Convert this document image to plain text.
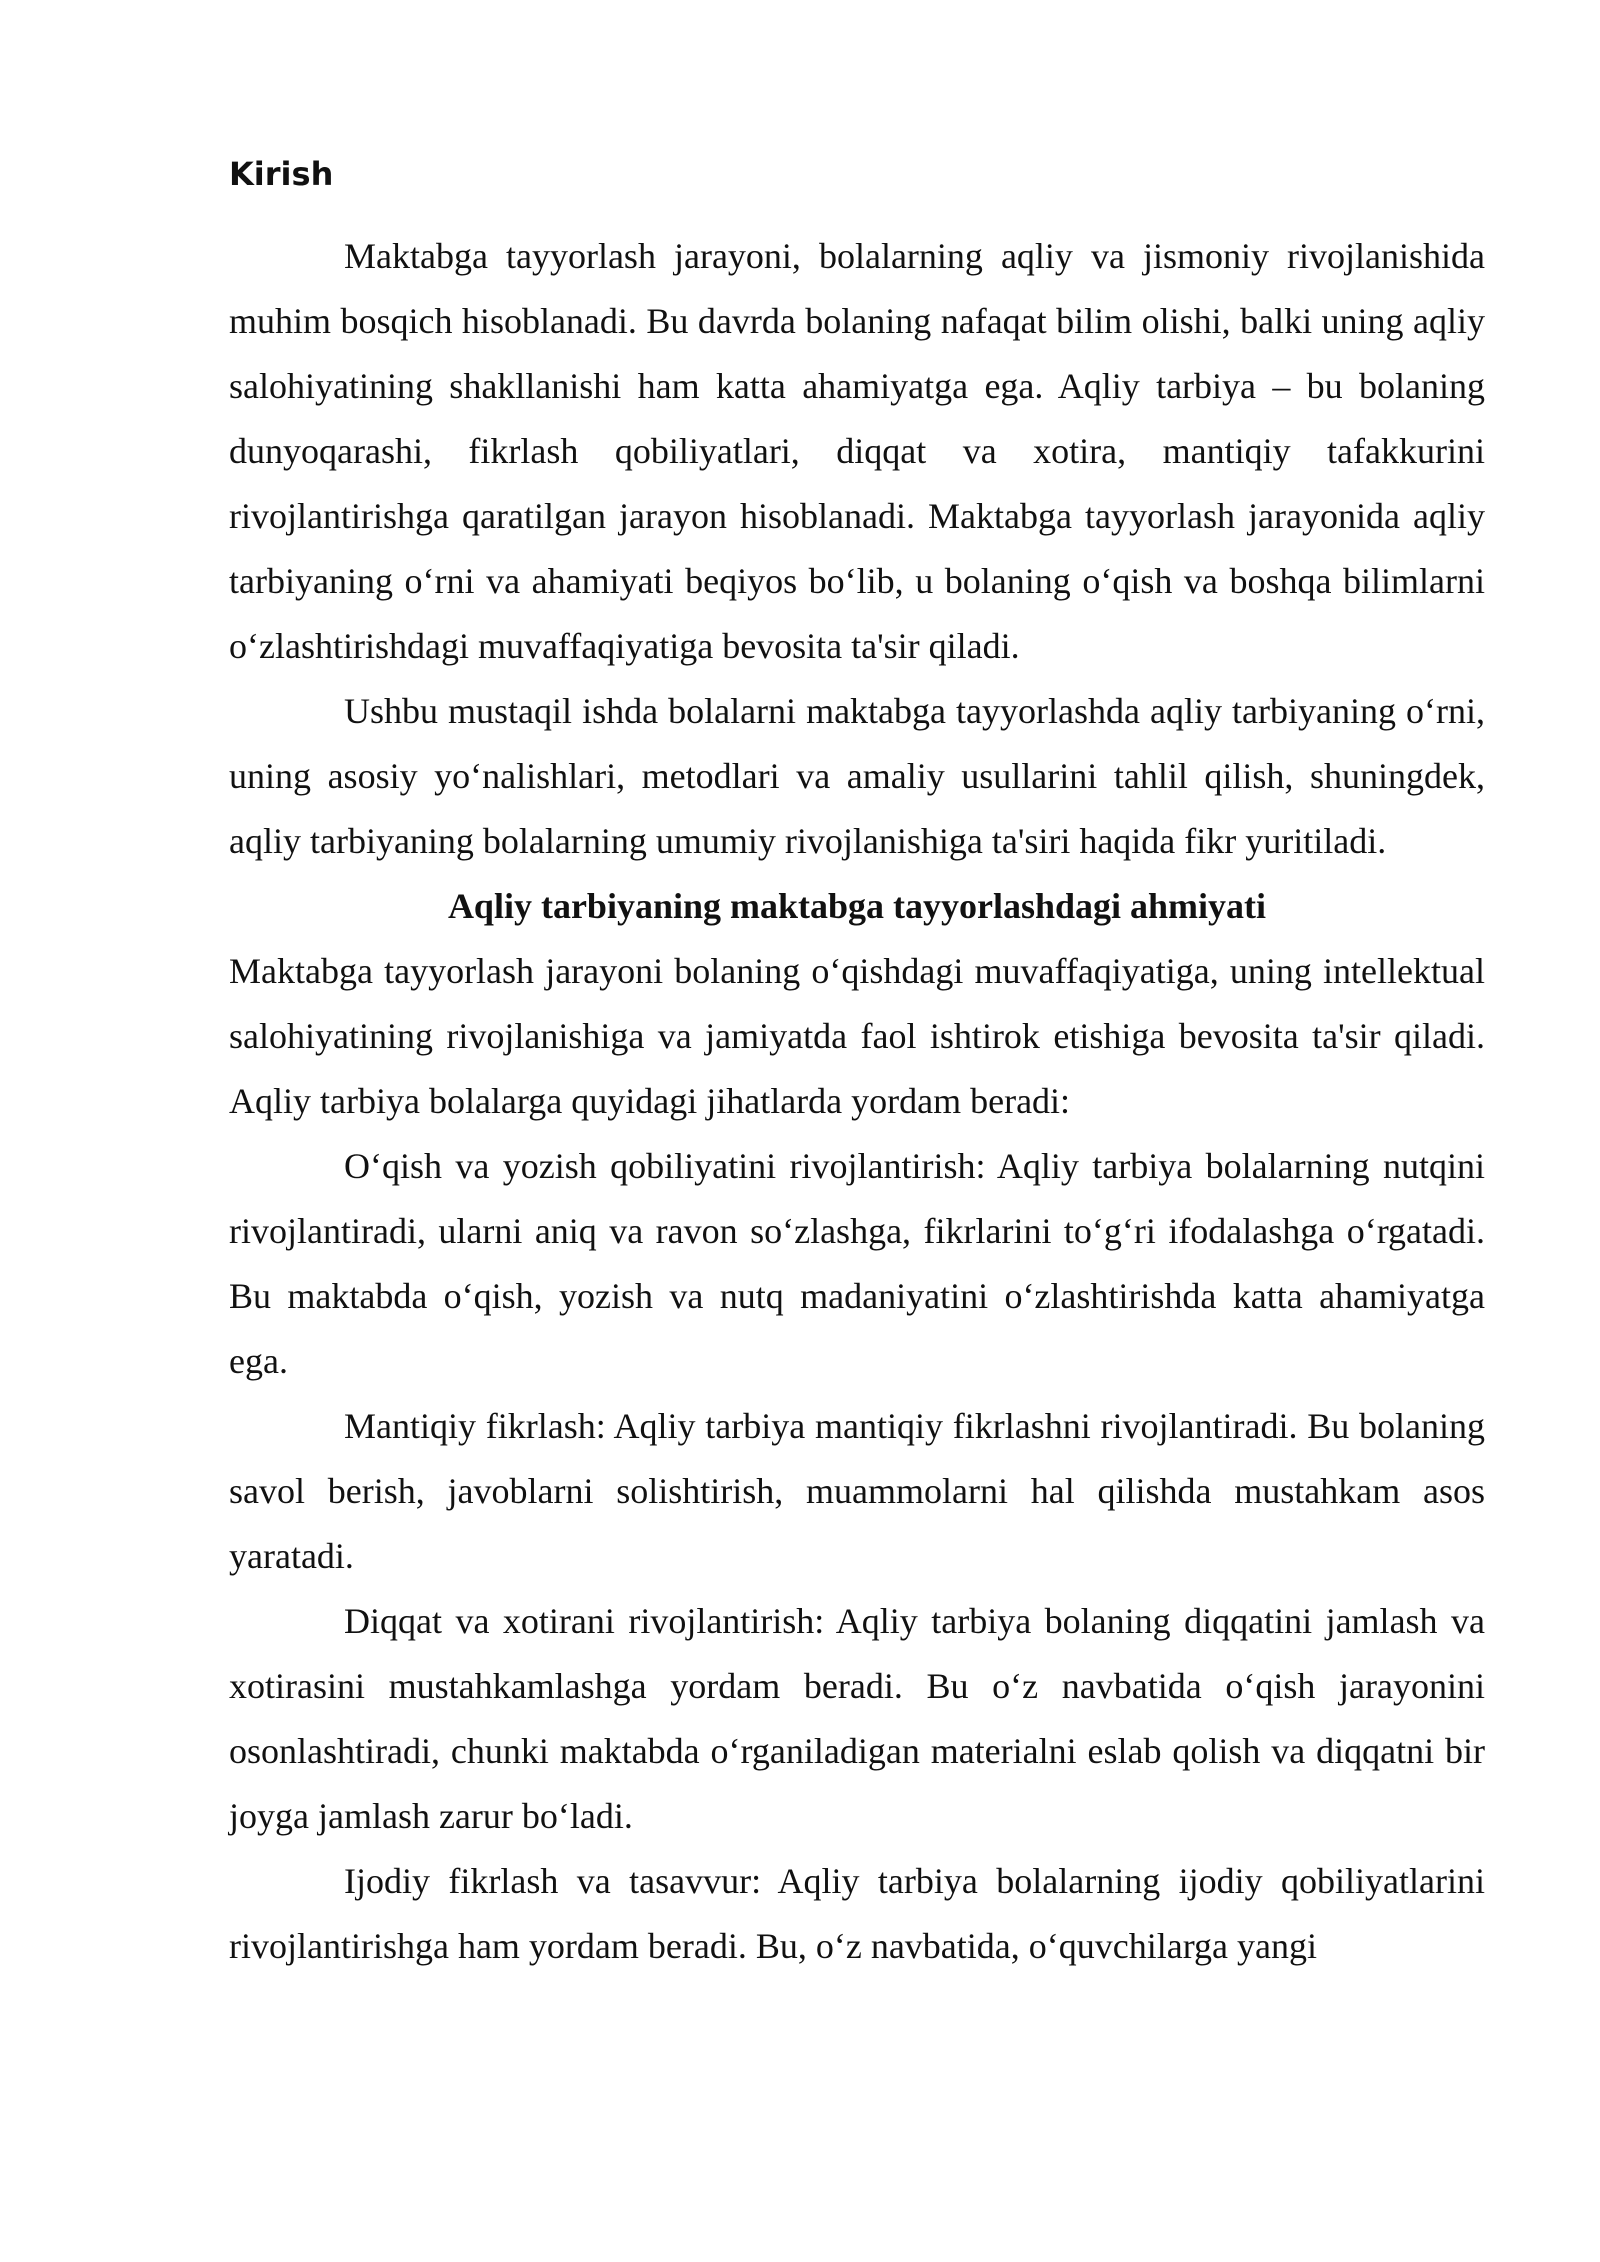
Kirish

Maktabga tayyorlash jarayoni, bolalarning aqliy va jismoniy rivojlanishida muhim bosqich hisoblanadi. Bu davrda bolaning nafaqat bilim olishi, balki uning aqliy salohiyatining shakllanishi ham katta ahamiyatga ega. Aqliy tarbiya – bu bolaning dunyoqarashi, fikrlash qobiliyatlari, diqqat va xotira, mantiqiy tafakkurini rivojlantirishga qaratilgan jarayon hisoblanadi. Maktabga tayyorlash jarayonida aqliy tarbiyaning o‘rni va ahamiyati beqiyos bo‘lib, u bolaning o‘qish va boshqa bilimlarni o‘zlashtirishdagi muvaffaqiyatiga bevosita ta'sir qiladi.

Ushbu mustaqil ishda bolalarni maktabga tayyorlashda aqliy tarbiyaning o‘rni, uning asosiy yo‘nalishlari, metodlari va amaliy usullarini tahlil qilish, shuningdek, aqliy tarbiyaning bolalarning umumiy rivojlanishiga ta'siri haqida fikr yuritiladi.

Aqliy tarbiyaning maktabga tayyorlashdagi ahmiyati

Maktabga tayyorlash jarayoni bolaning o‘qishdagi muvaffaqiyatiga, uning intellektual salohiyatining rivojlanishiga va jamiyatda faol ishtirok etishiga bevosita ta'sir qiladi. Aqliy tarbiya bolalarga quyidagi jihatlarda yordam beradi:

O‘qish va yozish qobiliyatini rivojlantirish: Aqliy tarbiya bolalarning nutqini rivojlantiradi, ularni aniq va ravon so‘zlashga, fikrlarini to‘g‘ri ifodalashga o‘rgatadi. Bu maktabda o‘qish, yozish va nutq madaniyatini o‘zlashtirishda katta ahamiyatga ega.

Mantiqiy fikrlash: Aqliy tarbiya mantiqiy fikrlashni rivojlantiradi. Bu bolaning savol berish, javoblarni solishtirish, muammolarni hal qilishda mustahkam asos yaratadi.

Diqqat va xotirani rivojlantirish: Aqliy tarbiya bolaning diqqatini jamlash va xotirasini mustahkamlashga yordam beradi. Bu o‘z navbatida o‘qish jarayonini osonlashtiradi, chunki maktabda o‘rganiladigan materialni eslab qolish va diqqatni bir joyga jamlash zarur bo‘ladi.

Ijodiy fikrlash va tasavvur: Aqliy tarbiya bolalarning ijodiy qobiliyatlarini rivojlantirishga ham yordam beradi. Bu, o‘z navbatida, o‘quvchilarga yangi
